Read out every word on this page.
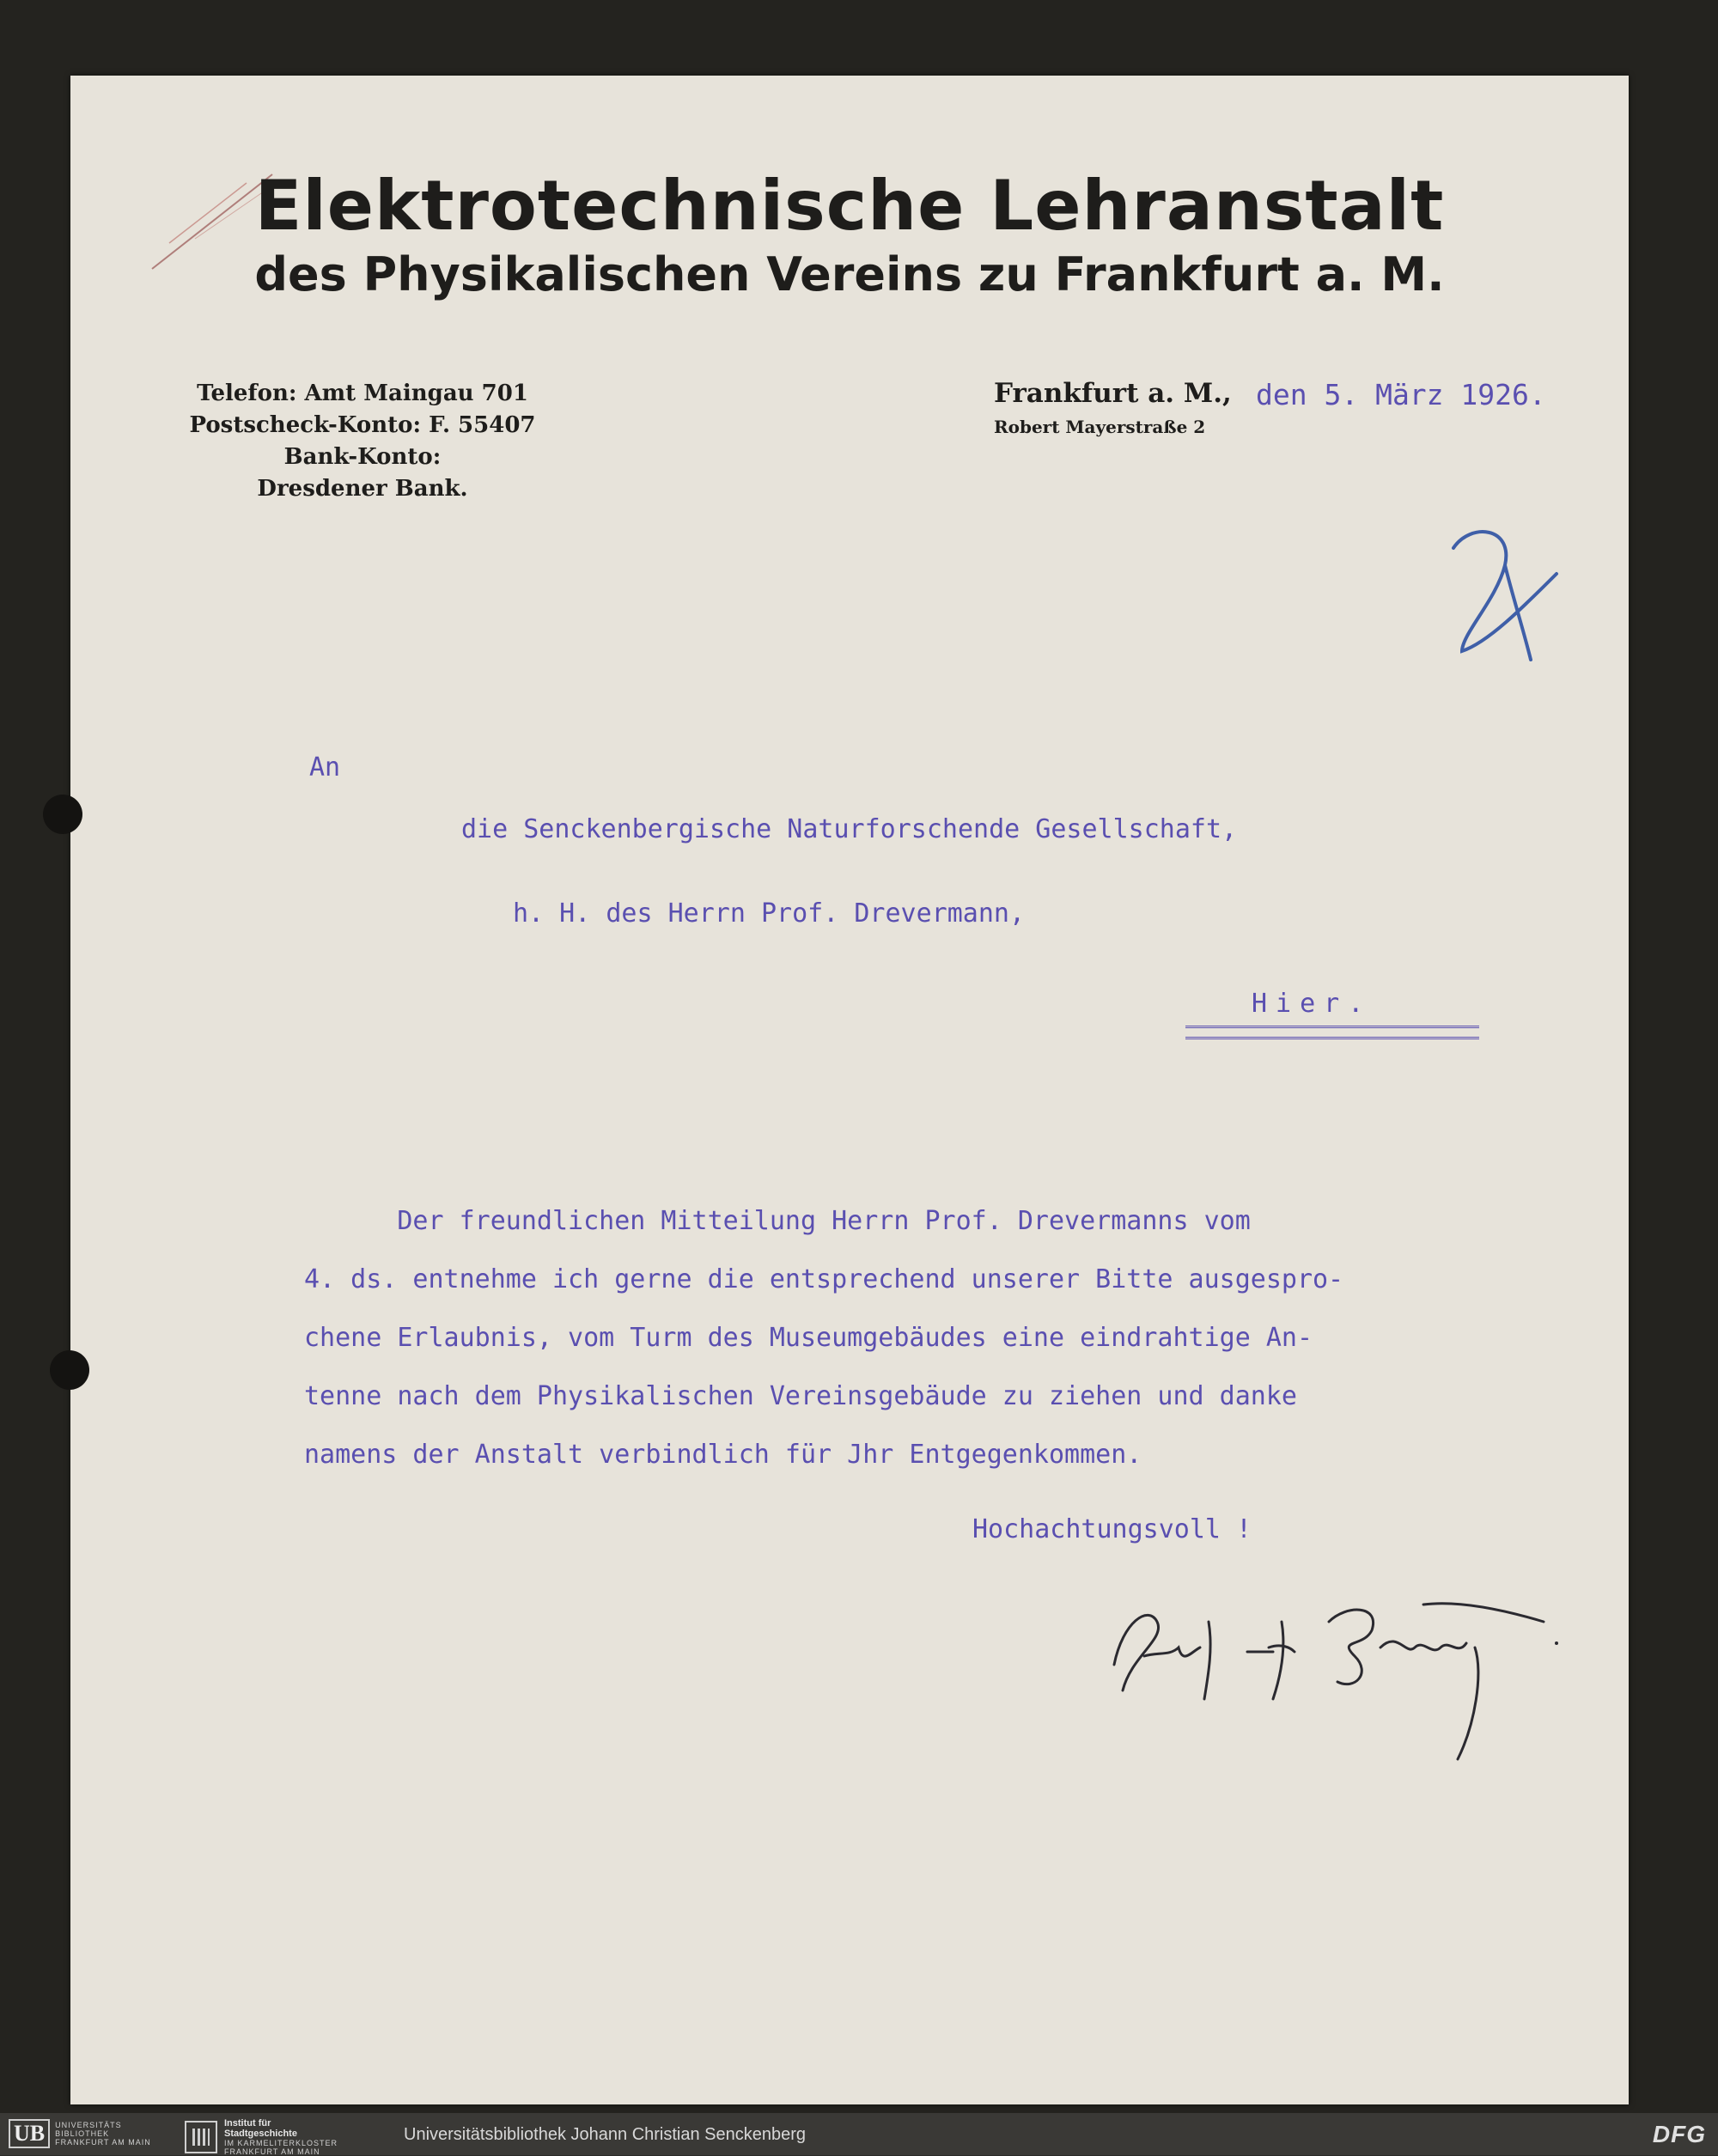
Elektrotechnische Lehranstalt
des Physikalischen Vereins zu Frankfurt a. M.
Telefon: Amt Maingau 701
Postscheck-Konto: F. 55407
Bank-Konto:
Dresdener Bank.
Frankfurt a. M.,
Robert Mayerstraße 2
den 5. März 1926.
An
die Senckenbergische Naturforschende Gesellschaft,
h. H. des Herrn Prof. Drevermann,
Hier.
Der freundlichen Mitteilung Herrn Prof. Drevermanns vom
4. ds. entnehme ich gerne die entsprechend unserer Bitte ausgespro-
chene Erlaubnis, vom Turm des Museumgebäudes eine eindrahtige An-
tenne nach dem Physikalischen Vereinsgebäude zu ziehen und danke
namens der Anstalt verbindlich für Jhr Entgegenkommen.
Hochachtungsvoll !
UB	UNIVERSITÄTS
BIBLIOTHEK
FRANKFURT AM MAIN
Institut für
Stadtgeschichte
IM KARMELITERKLOSTER
FRANKFURT AM MAIN
Universitätsbibliothek Johann Christian Senckenberg	DFG
